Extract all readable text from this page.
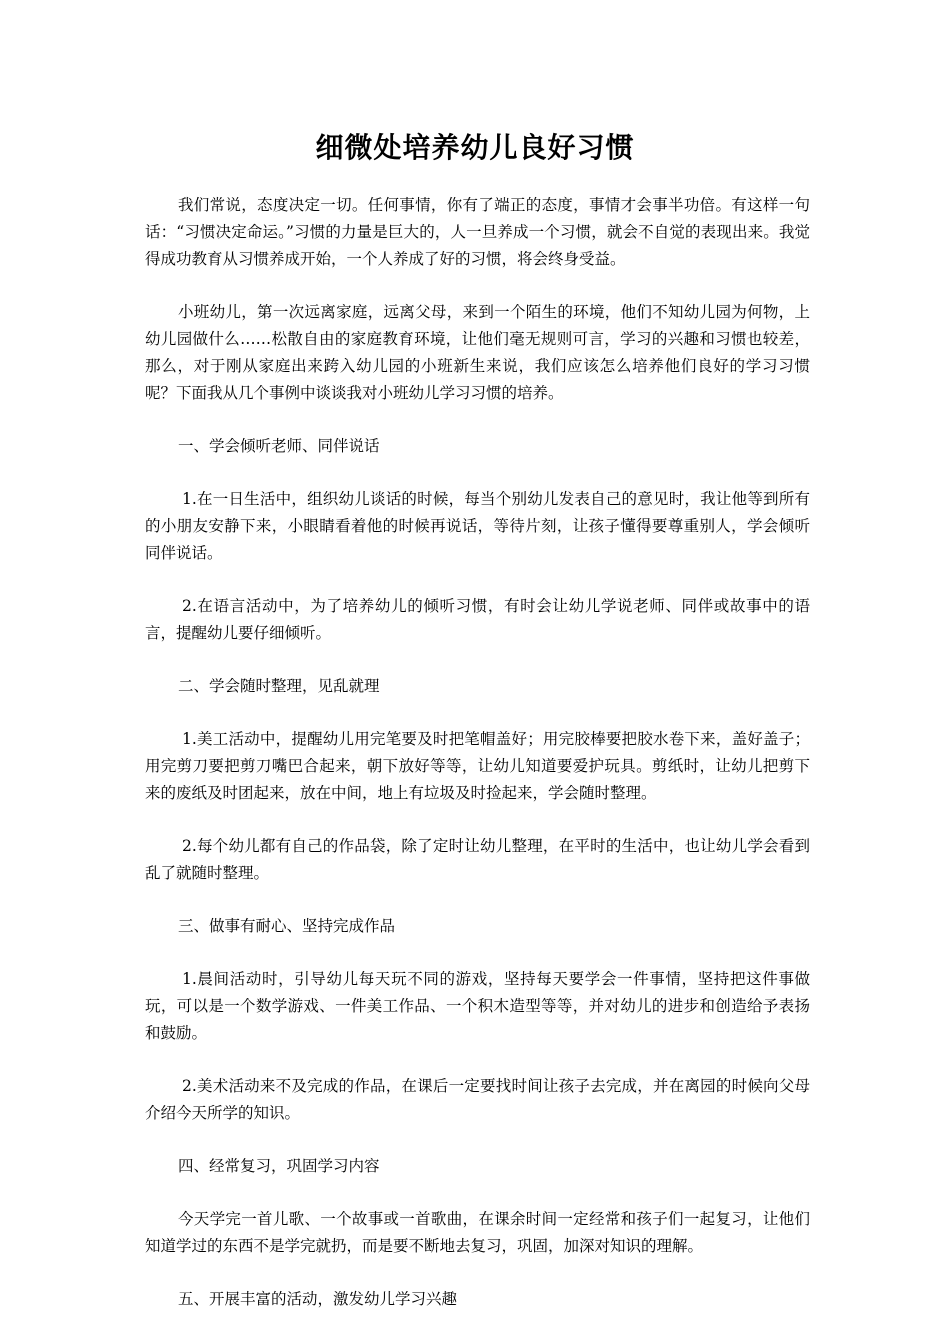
细微处培养幼儿良好习惯

我们常说，态度决定一切。任何事情，你有了端正的态度，事情才会事半功倍。有这样一句话：“习惯决定命运。”习惯的力量是巨大的，人一旦养成一个习惯，就会不自觉的表现出来。我觉得成功教育从习惯养成开始，一个人养成了好的习惯，将会终身受益。

小班幼儿，第一次远离家庭，远离父母，来到一个陌生的环境，他们不知幼儿园为何物，上幼儿园做什么……松散自由的家庭教育环境，让他们毫无规则可言，学习的兴趣和习惯也较差，那么，对于刚从家庭出来跨入幼儿园的小班新生来说，我们应该怎么培养他们良好的学习习惯呢？下面我从几个事例中谈谈我对小班幼儿学习习惯的培养。

一、学会倾听老师、同伴说话

1.在一日生活中，组织幼儿谈话的时候，每当个别幼儿发表自己的意见时，我让他等到所有的小朋友安静下来，小眼睛看着他的时候再说话，等待片刻，让孩子懂得要尊重别人，学会倾听同伴说话。

2.在语言活动中，为了培养幼儿的倾听习惯，有时会让幼儿学说老师、同伴或故事中的语言，提醒幼儿要仔细倾听。

二、学会随时整理，见乱就理

1.美工活动中，提醒幼儿用完笔要及时把笔帽盖好；用完胶棒要把胶水卷下来，盖好盖子；用完剪刀要把剪刀嘴巴合起来，朝下放好等等，让幼儿知道要爱护玩具。剪纸时，让幼儿把剪下来的废纸及时团起来，放在中间，地上有垃圾及时捡起来，学会随时整理。

2.每个幼儿都有自己的作品袋，除了定时让幼儿整理，在平时的生活中，也让幼儿学会看到乱了就随时整理。

三、做事有耐心、坚持完成作品

1.晨间活动时，引导幼儿每天玩不同的游戏，坚持每天要学会一件事情，坚持把这件事做玩，可以是一个数学游戏、一件美工作品、一个积木造型等等，并对幼儿的进步和创造给予表扬和鼓励。

2.美术活动来不及完成的作品，在课后一定要找时间让孩子去完成，并在离园的时候向父母介绍今天所学的知识。

四、经常复习，巩固学习内容

今天学完一首儿歌、一个故事或一首歌曲，在课余时间一定经常和孩子们一起复习，让他们知道学过的东西不是学完就扔，而是要不断地去复习，巩固，加深对知识的理解。

五、开展丰富的活动，激发幼儿学习兴趣
